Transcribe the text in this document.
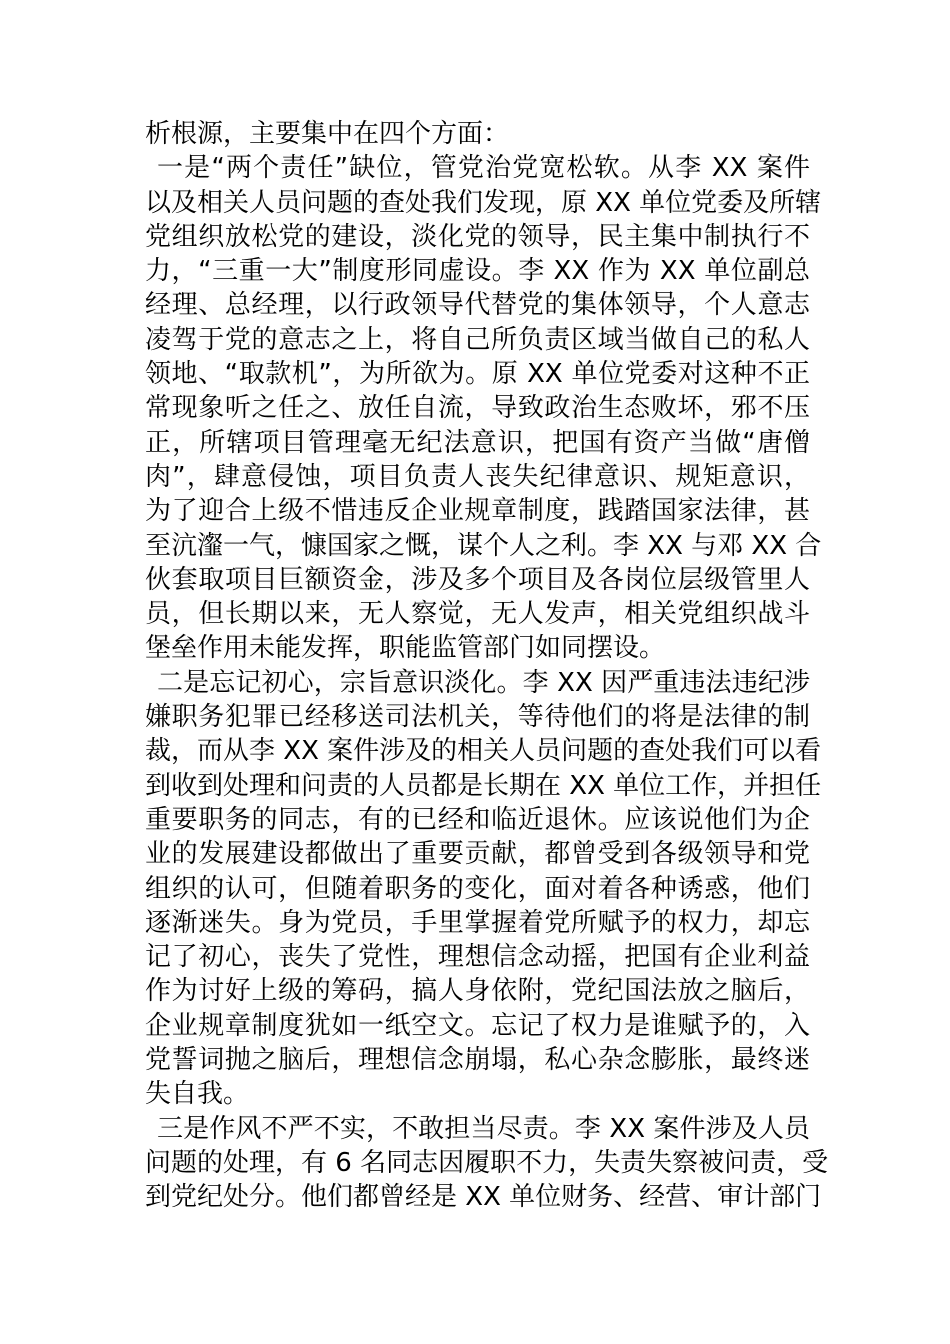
析根源，主要集中在四个方面：
一是“两个责任”缺位，管党治党宽松软。从李 XX 案件
以及相关人员问题的查处我们发现，原 XX 单位党委及所辖
党组织放松党的建设，淡化党的领导，民主集中制执行不
力，“三重一大”制度形同虚设。李 XX 作为 XX 单位副总
经理、总经理，以行政领导代替党的集体领导，个人意志
凌驾于党的意志之上，将自己所负责区域当做自己的私人
领地、“取款机”，为所欲为。原 XX 单位党委对这种不正
常现象听之任之、放任自流，导致政治生态败坏，邪不压
正，所辖项目管理毫无纪法意识，把国有资产当做“唐僧
肉”，肆意侵蚀，项目负责人丧失纪律意识、规矩意识，
为了迎合上级不惜违反企业规章制度，践踏国家法律，甚
至沆瀣一气，慷国家之慨，谋个人之利。李 XX 与邓 XX 合
伙套取项目巨额资金，涉及多个项目及各岗位层级管里人
员，但长期以来，无人察觉，无人发声，相关党组织战斗
堡垒作用未能发挥，职能监管部门如同摆设。
二是忘记初心，宗旨意识淡化。李 XX 因严重违法违纪涉
嫌职务犯罪已经移送司法机关，等待他们的将是法律的制
裁，而从李 XX 案件涉及的相关人员问题的查处我们可以看
到收到处理和问责的人员都是长期在 XX 单位工作，并担任
重要职务的同志，有的已经和临近退休。应该说他们为企
业的发展建设都做出了重要贡献，都曾受到各级领导和党
组织的认可，但随着职务的变化，面对着各种诱惑，他们
逐渐迷失。身为党员，手里掌握着党所赋予的权力，却忘
记了初心，丧失了党性，理想信念动摇，把国有企业利益
作为讨好上级的筹码，搞人身依附，党纪国法放之脑后，
企业规章制度犹如一纸空文。忘记了权力是谁赋予的，入
党誓词抛之脑后，理想信念崩塌，私心杂念膨胀，最终迷
失自我。
三是作风不严不实，不敢担当尽责。李 XX 案件涉及人员
问题的处理，有 6 名同志因履职不力，失责失察被问责，受
到党纪处分。他们都曾经是 XX 单位财务、经营、审计部门
